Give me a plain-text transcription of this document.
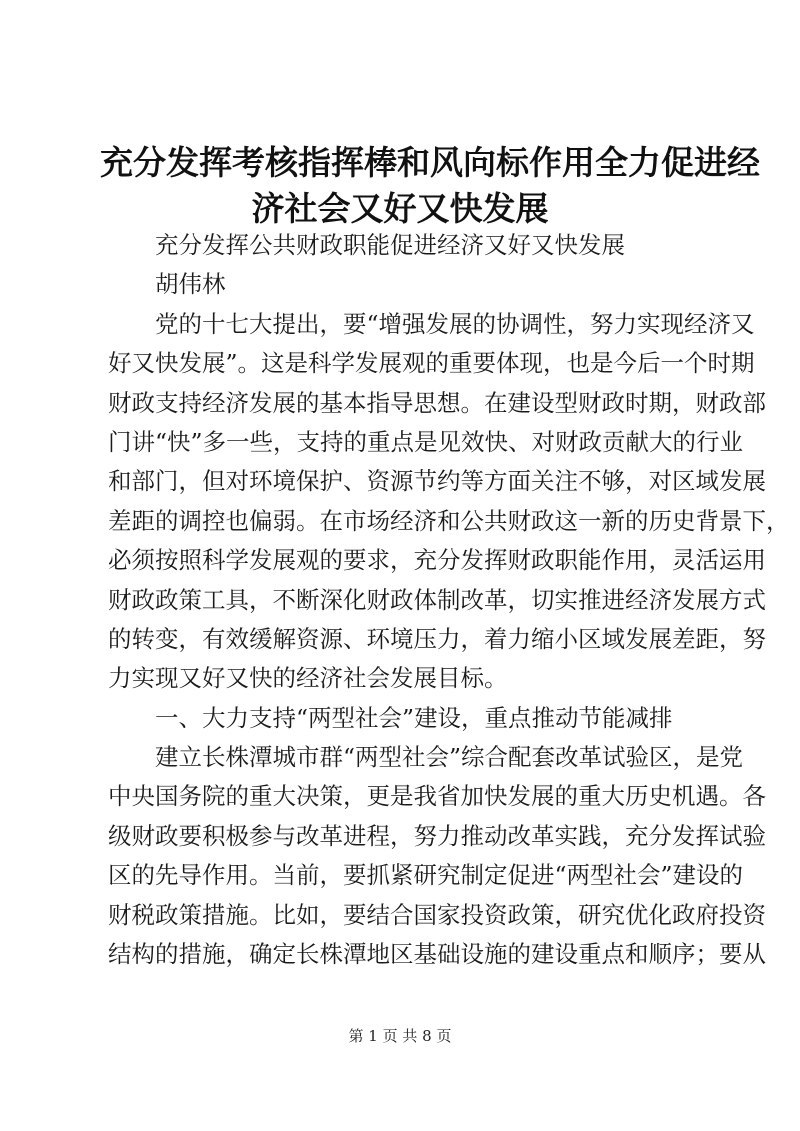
充分发挥考核指挥棒和风向标作用全力促进经
济社会又好又快发展
　　充分发挥公共财政职能促进经济又好又快发展
　　胡伟林
　　党的十七大提出，要“增强发展的协调性，努力实现经济又
好又快发展”。这是科学发展观的重要体现，也是今后一个时期
财政支持经济发展的基本指导思想。在建设型财政时期，财政部
门讲“快”多一些，支持的重点是见效快、对财政贡献大的行业
和部门，但对环境保护、资源节约等方面关注不够，对区域发展
差距的调控也偏弱。在市场经济和公共财政这一新的历史背景下，
必须按照科学发展观的要求，充分发挥财政职能作用，灵活运用
财政政策工具，不断深化财政体制改革，切实推进经济发展方式
的转变，有效缓解资源、环境压力，着力缩小区域发展差距，努
力实现又好又快的经济社会发展目标。
　　一、大力支持“两型社会”建设，重点推动节能减排
　　建立长株潭城市群“两型社会”综合配套改革试验区，是党
中央国务院的重大决策，更是我省加快发展的重大历史机遇。各
级财政要积极参与改革进程，努力推动改革实践，充分发挥试验
区的先导作用。当前，要抓紧研究制定促进“两型社会”建设的
财税政策措施。比如，要结合国家投资政策，研究优化政府投资
结构的措施，确定长株潭地区基础设施的建设重点和顺序；要从
第 1 页 共 8 页
